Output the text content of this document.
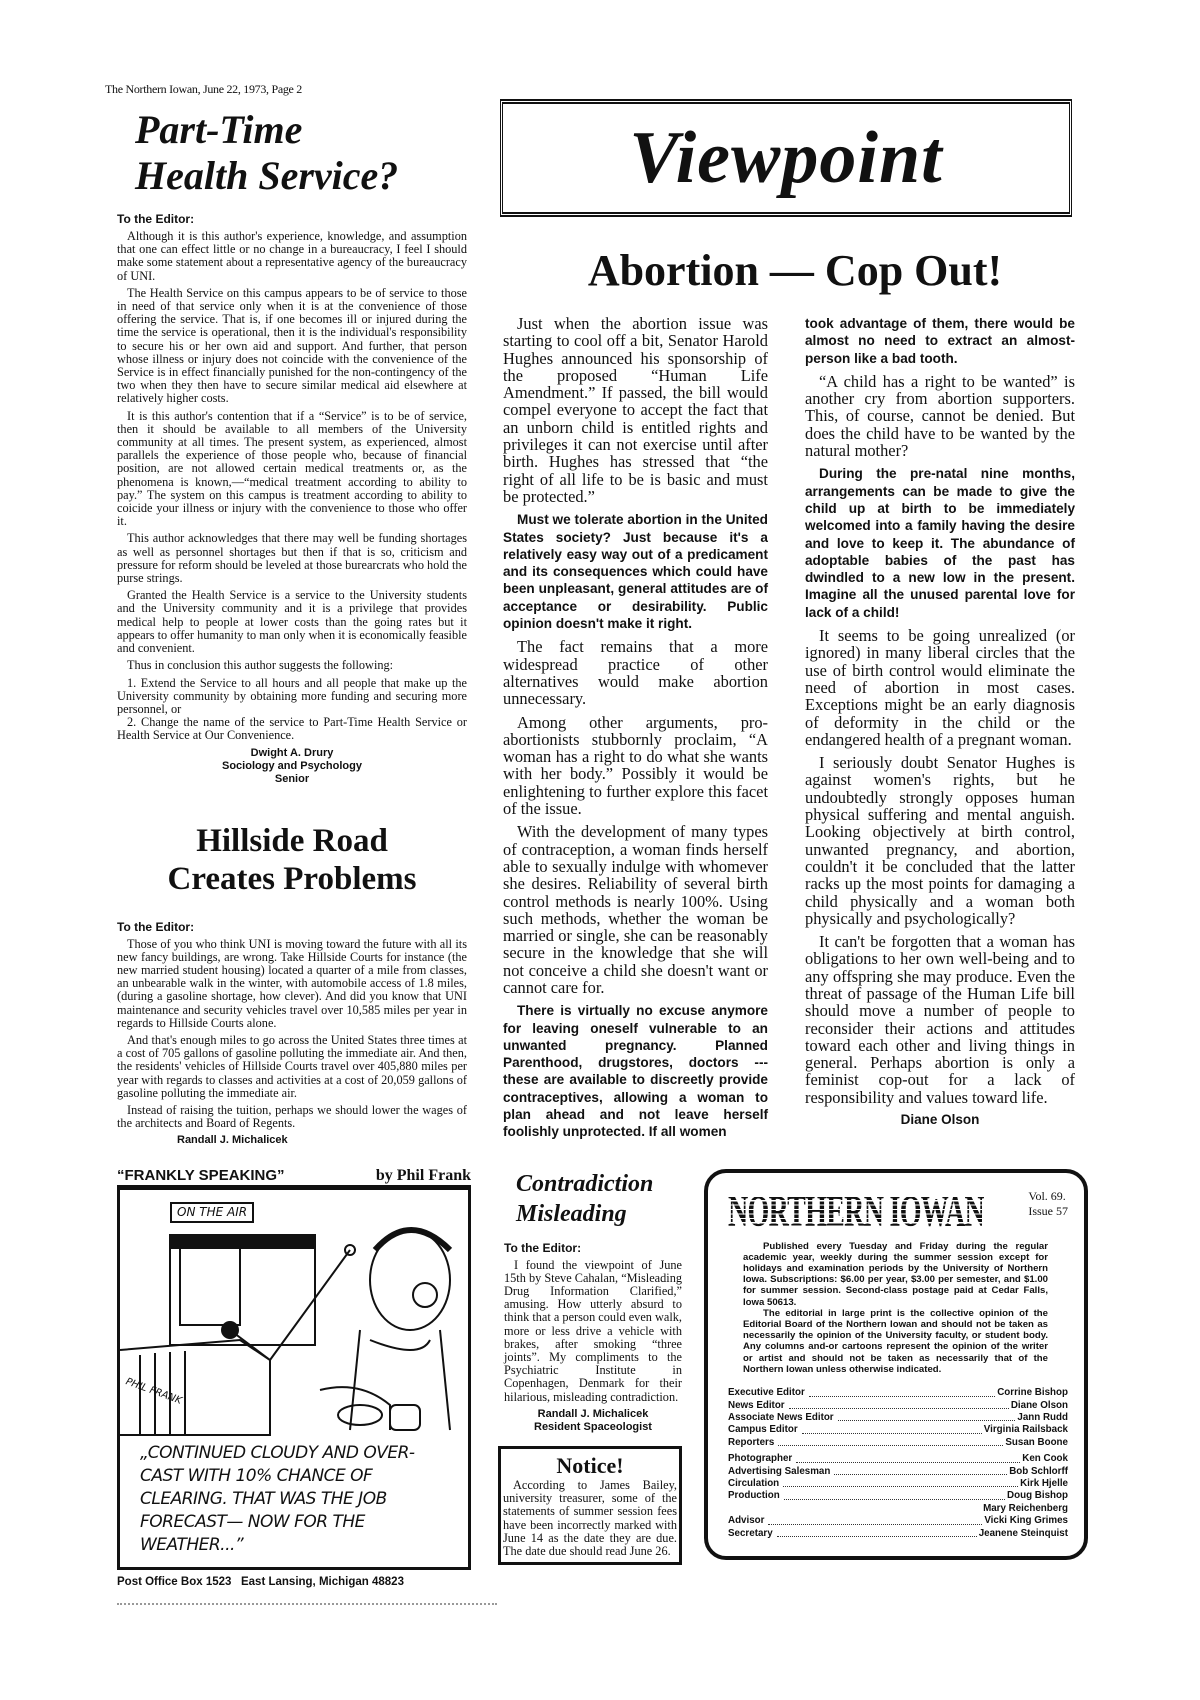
The Northern Iowan, June 22, 1973, Page 2
Part-Time
Health Service?
To the Editor:

Although it is this author's experience, knowledge, and assumption that one can effect little or no change in a bureaucracy, I feel I should make some statement about a representative agency of the bureaucracy of UNI.

The Health Service on this campus appears to be of service to those in need of that service only when it is at the convenience of those offering the service. That is, if one becomes ill or injured during the time the service is operational, then it is the individual's responsibility to secure his or her own aid and support. And further, that person whose illness or injury does not coincide with the convenience of the Service is in effect financially punished for the non-contingency of the two when they then have to secure similar medical aid elsewhere at relatively higher costs.

It is this author's contention that if a “Service” is to be of service, then it should be available to all members of the University community at all times. The present system, as experienced, almost parallels the experience of those people who, because of financial position, are not allowed certain medical treatments or, as the phenomena is known,—“medical treatment according to ability to pay.” The system on this campus is treatment according to ability to coicide your illness or injury with the convenience to those who offer it.

This author acknowledges that there may well be funding shortages as well as personnel shortages but then if that is so, criticism and pressure for reform should be leveled at those burearcrats who hold the purse strings.

Granted the Health Service is a service to the University students and the University community and it is a privilege that provides medical help to people at lower costs than the going rates but it appears to offer humanity to man only when it is economically feasible and convenient.

Thus in conclusion this author suggests the following:

1. Extend the Service to all hours and all people that make up the University community by obtaining more funding and securing more personnel, or

2. Change the name of the service to Part-Time Health Service or Health Service at Our Convenience.

Dwight A. Drury
Sociology and Psychology
Senior
Hillside Road
Creates Problems
To the Editor:

Those of you who think UNI is moving toward the future with all its new fancy buildings, are wrong. Take Hillside Courts for instance (the new married student housing) located a quarter of a mile from classes, an unbearable walk in the winter, with automobile access of 1.8 miles, (during a gasoline shortage, how clever). And did you know that UNI maintenance and security vehicles travel over 10,585 miles per year in regards to Hillside Courts alone.

And that's enough miles to go across the United States three times at a cost of 705 gallons of gasoline polluting the immediate air. And then, the residents' vehicles of Hillside Courts travel over 405,880 miles per year with regards to classes and activities at a cost of 20,059 gallons of gasoline polluting the immediate air.

Instead of raising the tuition, perhaps we should lower the wages of the architects and Board of Regents.

Randall J. Michalicek
“FRANKLY SPEAKING”	by Phil Frank
ON THE AIR
PHIL FRANK
„CONTINUED CLOUDY AND OVER-CAST WITH 10% CHANCE OF CLEARING. THAT WAS THE JOB FORECAST— NOW FOR THE WEATHER...”
Post Office Box 1523   East Lansing, Michigan 48823
Viewpoint
Abortion — Cop Out!

Just when the abortion issue was starting to cool off a bit, Senator Harold Hughes announced his sponsorship of the proposed “Human Life Amendment.” If passed, the bill would compel everyone to accept the fact that an unborn child is entitled rights and privileges it can not exercise until after birth. Hughes has stressed that “the right of all life to be is basic and must be protected.”

Must we tolerate abortion in the United States society? Just because it's a relatively easy way out of a predicament and its consequences which could have been unpleasant, general attitudes are of acceptance or desirability. Public opinion doesn't make it right.

The fact remains that a more widespread practice of other alternatives would make abortion unnecessary.

Among other arguments, pro-abortionists stubbornly proclaim, “A woman has a right to do what she wants with her body.” Possibly it would be enlightening to further explore this facet of the issue.

With the development of many types of contraception, a woman finds herself able to sexually indulge with whomever she desires. Reliability of several birth control methods is nearly 100%. Using such methods, whether the woman be married or single, she can be reasonably secure in the knowledge that she will not conceive a child she doesn't want or cannot care for.

There is virtually no excuse anymore for leaving oneself vulnerable to an unwanted pregnancy. Planned Parenthood, drugstores, doctors --- these are available to discreetly provide contraceptives, allowing a woman to plan ahead and not leave herself foolishly unprotected. If all women

took advantage of them, there would be almost no need to extract an almost-person like a bad tooth.

“A child has a right to be wanted” is another cry from abortion supporters. This, of course, cannot be denied. But does the child have to be wanted by the natural mother?

During the pre-natal nine months, arrangements can be made to give the child up at birth to be immediately welcomed into a family having the desire and love to keep it. The abundance of adoptable babies of the past has dwindled to a new low in the present. Imagine all the unused parental love for lack of a child!

It seems to be going unrealized (or ignored) in many liberal circles that the use of birth control would eliminate the need of abortion in most cases. Exceptions might be an early diagnosis of deformity in the child or the endangered health of a pregnant woman.

I seriously doubt Senator Hughes is against women's rights, but he undoubtedly strongly opposes human physical suffering and mental anguish. Looking objectively at birth control, unwanted pregnancy, and abortion, couldn't it be concluded that the latter racks up the most points for damaging a child physically and a woman both physically and psychologically?

It can't be forgotten that a woman has obligations to her own well-being and to any offspring she may produce. Even the threat of passage of the Human Life bill should move a number of people to reconsider their actions and attitudes toward each other and living things in general. Perhaps abortion is only a feminist cop-out for a lack of responsibility and values toward life.

Diane Olson
Contradiction
Misleading
To the Editor:

I found the viewpoint of June 15th by Steve Cahalan, “Misleading Drug Information Clarified,” amusing. How utterly absurd to think that a person could even walk, more or less drive a vehicle with brakes, after smoking “three joints”. My compliments to the Psychiatric Institute in Copenhagen, Denmark for their hilarious, misleading contradiction.

Randall J. Michalicek
Resident Spaceologist
Notice!

According to James Bailey, university treasurer, some of the statements of summer session fees have been incorrectly marked with June 14 as the date they are due. The date due should read June 26.

NORTHERN IOWAN	Vol. 69.
Issue 57

Published every Tuesday and Friday during the regular academic year, weekly during the summer session except for holidays and examination periods by the University of Northern Iowa. Subscriptions: $6.00 per year, $3.00 per semester, and $1.00 for summer session. Second-class postage paid at Cedar Falls, Iowa 50613.

The editorial in large print is the collective opinion of the Editorial Board of the Northern Iowan and should not be taken as necessarily the opinion of the University faculty, or student body. Any columns and-or cartoons represent the opinion of the writer or artist and should not be taken as necessarily that of the Northern Iowan unless otherwise indicated.

Executive Editor	Corrine Bishop
News Editor	Diane Olson
Associate News Editor	Jann Rudd
Campus Editor	Virginia Railsback
Reporters	Susan Boone
Photographer	Ken Cook
Advertising Salesman	Bob Schlorff
Circulation	Kirk Hjelle
Production	Doug Bishop
Mary Reichenberg
Advisor	Vicki King Grimes
Secretary	Jeanene Steinquist
